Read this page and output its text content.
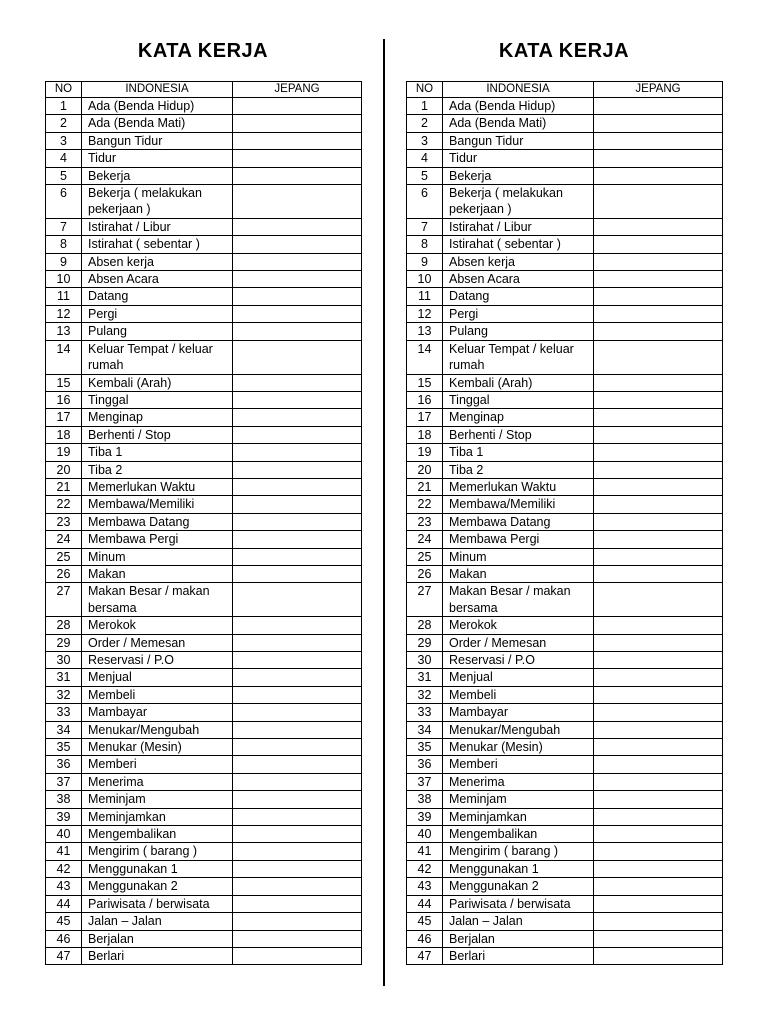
KATA KERJA
NO	INDONESIA	JEPANG
1	Ada (Benda Hidup)	
2	Ada (Benda Mati)	
3	Bangun Tidur	
4	Tidur	
5	Bekerja	
6	Bekerja ( melakukan pekerjaan )	
7	Istirahat / Libur	
8	Istirahat ( sebentar )	
9	Absen kerja	
10	Absen Acara	
11	Datang	
12	Pergi	
13	Pulang	
14	Keluar Tempat / keluar rumah	
15	Kembali (Arah)	
16	Tinggal	
17	Menginap	
18	Berhenti / Stop	
19	Tiba 1	
20	Tiba 2	
21	Memerlukan Waktu	
22	Membawa/Memiliki	
23	Membawa Datang	
24	Membawa Pergi	
25	Minum	
26	Makan	
27	Makan Besar / makan bersama	
28	Merokok	
29	Order / Memesan	
30	Reservasi / P.O	
31	Menjual	
32	Membeli	
33	Mambayar	
34	Menukar/Mengubah	
35	Menukar (Mesin)	
36	Memberi	
37	Menerima	
38	Meminjam	
39	Meminjamkan	
40	Mengembalikan	
41	Mengirim ( barang )	
42	Menggunakan 1	
43	Menggunakan 2	
44	Pariwisata / berwisata	
45	Jalan – Jalan	
46	Berjalan	
47	Berlari	
KATA KERJA
NO	INDONESIA	JEPANG
1	Ada (Benda Hidup)	
2	Ada (Benda Mati)	
3	Bangun Tidur	
4	Tidur	
5	Bekerja	
6	Bekerja ( melakukan pekerjaan )	
7	Istirahat / Libur	
8	Istirahat ( sebentar )	
9	Absen kerja	
10	Absen Acara	
11	Datang	
12	Pergi	
13	Pulang	
14	Keluar Tempat / keluar rumah	
15	Kembali (Arah)	
16	Tinggal	
17	Menginap	
18	Berhenti / Stop	
19	Tiba 1	
20	Tiba 2	
21	Memerlukan Waktu	
22	Membawa/Memiliki	
23	Membawa Datang	
24	Membawa Pergi	
25	Minum	
26	Makan	
27	Makan Besar / makan bersama	
28	Merokok	
29	Order / Memesan	
30	Reservasi / P.O	
31	Menjual	
32	Membeli	
33	Mambayar	
34	Menukar/Mengubah	
35	Menukar (Mesin)	
36	Memberi	
37	Menerima	
38	Meminjam	
39	Meminjamkan	
40	Mengembalikan	
41	Mengirim ( barang )	
42	Menggunakan 1	
43	Menggunakan 2	
44	Pariwisata / berwisata	
45	Jalan – Jalan	
46	Berjalan	
47	Berlari	
